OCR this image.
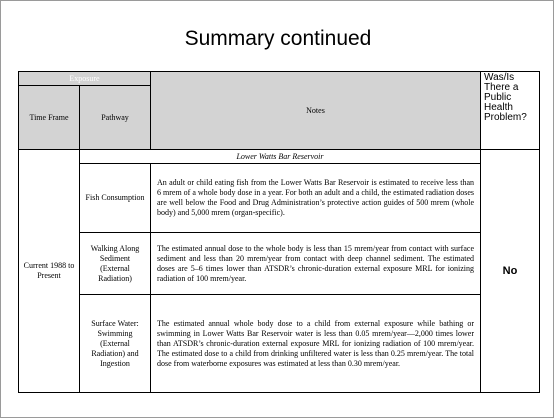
Summary continued
Exposure		Notes	Was/Is There a Public Health Problem?
Time Frame	Pathway		
Current 1988 to Present	Lower Watts Bar Reservoir		No
	Fish Consumption	An adult or child eating fish from the Lower Watts Bar Reservoir is estimated to receive less than 6 mrem of a whole body dose in a year. For both an adult and a child, the estimated radiation doses are well below the Food and Drug Administration’s protective action guides of 500 mrem (whole body) and 5,000 mrem (organ-specific).	
	Walking Along Sediment (External Radiation)	The estimated annual dose to the whole body is less than 15 mrem/year from contact with surface sediment and less than 20 mrem/year from contact with deep channel sediment. The estimated doses are 5–6 times lower than ATSDR’s chronic-duration external exposure MRL for ionizing radiation of 100 mrem/year.	
	Surface Water: Swimming (External Radiation) and Ingestion	The estimated annual whole body dose to a child from external exposure while bathing or swimming in Lower Watts Bar Reservoir water is less than 0.05 mrem/year—2,000 times lower than ATSDR’s chronic-duration external exposure MRL for ionizing radiation of 100 mrem/year. The estimated dose to a child from drinking unfiltered water is less than 0.25 mrem/year. The total dose from waterborne exposures was estimated at less than 0.30 mrem/year.	
